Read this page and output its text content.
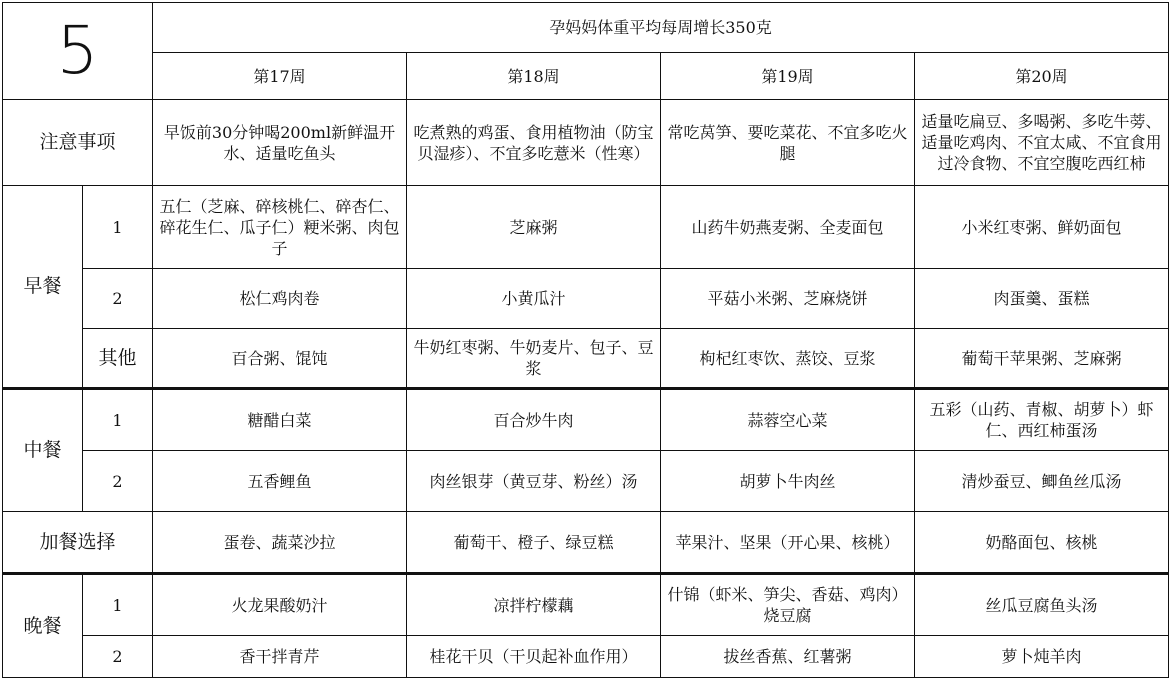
5		孕妈妈体重平均每周增长350克			
		第17周	第18周	第19周	第20周
注意事项		早饭前30分钟喝200ml新鲜温开水、适量吃鱼头	吃煮熟的鸡蛋、食用植物油（防宝贝湿疹）、不宜多吃薏米（性寒）	常吃莴笋、要吃菜花、不宜多吃火腿	适量吃扁豆、多喝粥、多吃牛蒡、适量吃鸡肉、不宜太咸、不宜食用过冷食物、不宜空腹吃西红柿
早餐	1	五仁（芝麻、碎核桃仁、碎杏仁、碎花生仁、瓜子仁）粳米粥、肉包子	芝麻粥	山药牛奶燕麦粥、全麦面包	小米红枣粥、鲜奶面包
	2	松仁鸡肉卷	小黄瓜汁	平菇小米粥、芝麻烧饼	肉蛋羹、蛋糕
	其他	百合粥、馄饨	牛奶红枣粥、牛奶麦片、包子、豆浆	枸杞红枣饮、蒸饺、豆浆	葡萄干苹果粥、芝麻粥
中餐	1	糖醋白菜	百合炒牛肉	蒜蓉空心菜	五彩（山药、青椒、胡萝卜）虾仁、西红柿蛋汤
	2	五香鲤鱼	肉丝银芽（黄豆芽、粉丝）汤	胡萝卜牛肉丝	清炒蚕豆、鲫鱼丝瓜汤
加餐选择		蛋卷、蔬菜沙拉	葡萄干、橙子、绿豆糕	苹果汁、坚果（开心果、核桃）	奶酪面包、核桃
晚餐	1	火龙果酸奶汁	凉拌柠檬藕	什锦（虾米、笋尖、香菇、鸡肉）烧豆腐	丝瓜豆腐鱼头汤
	2	香干拌青芹	桂花干贝（干贝起补血作用）	拔丝香蕉、红薯粥	萝卜炖羊肉
